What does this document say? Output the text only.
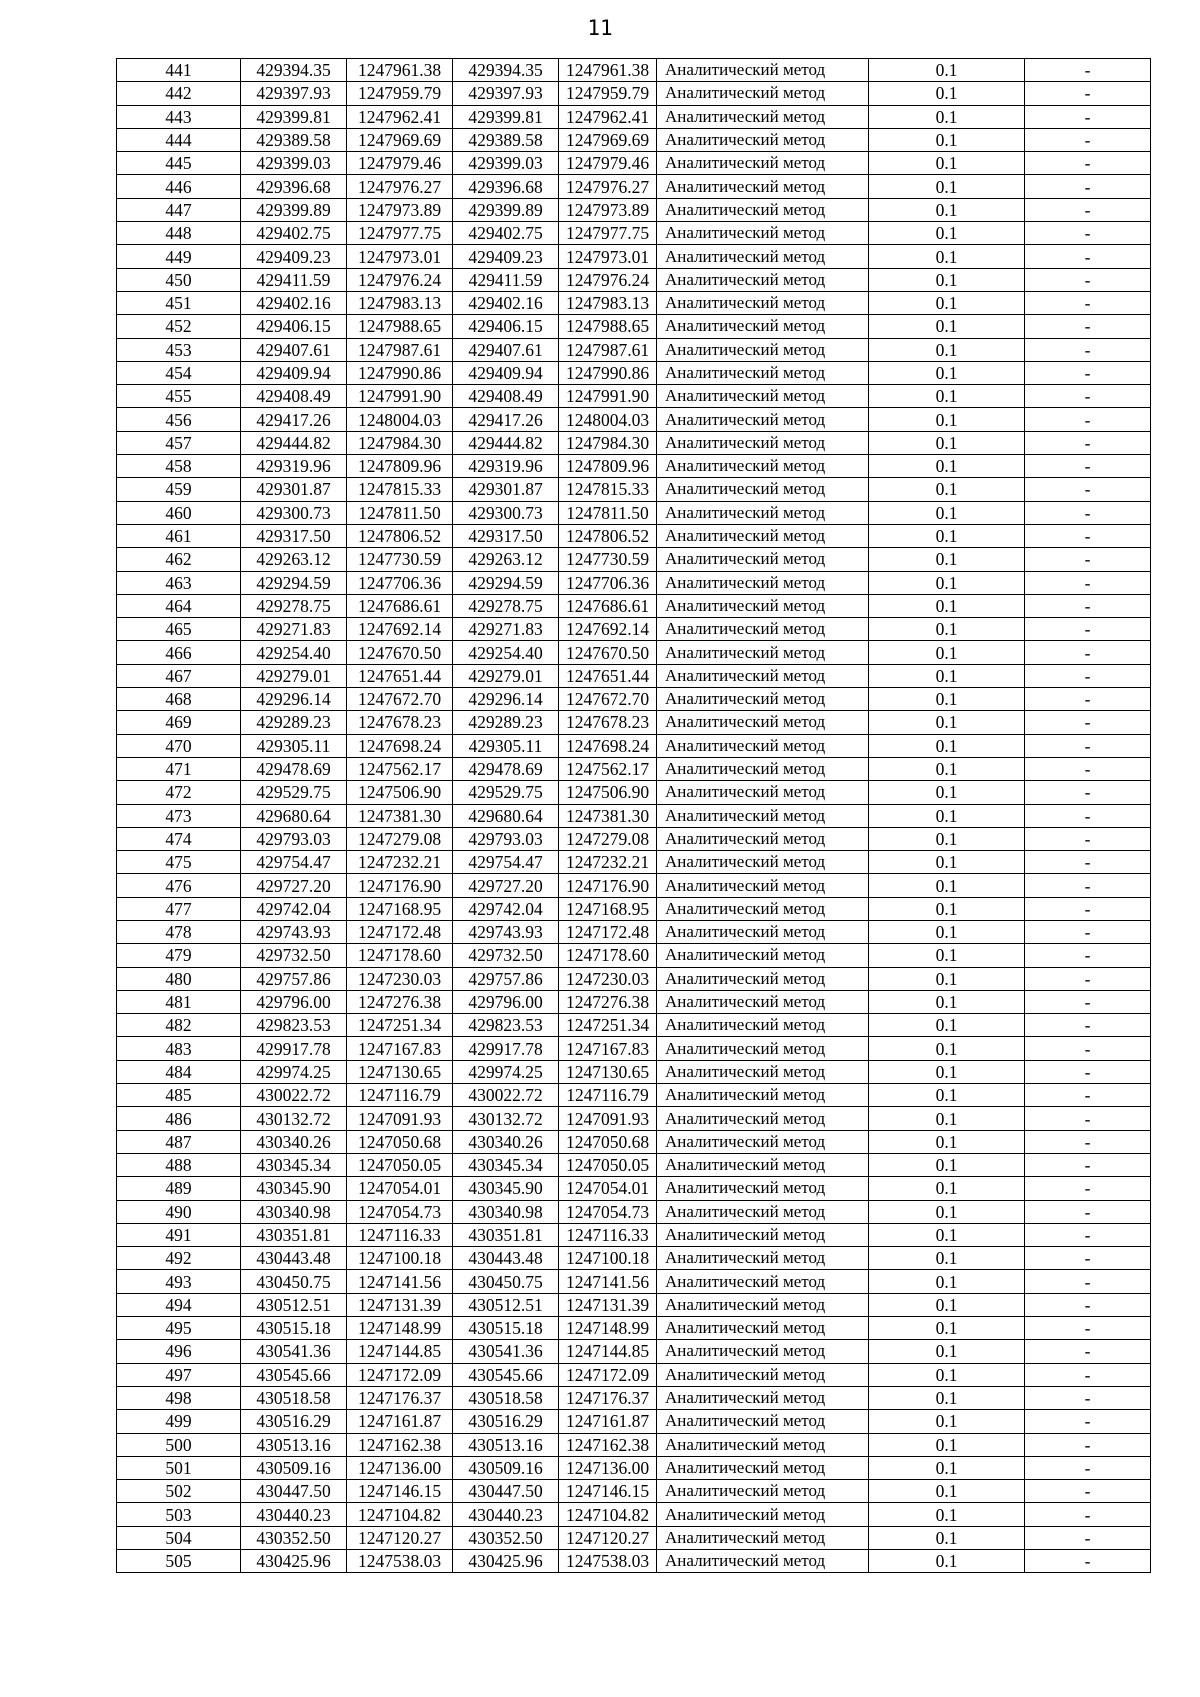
11
441	429394.35	1247961.38	429394.35	1247961.38	Аналитический метод	0.1	-
442	429397.93	1247959.79	429397.93	1247959.79	Аналитический метод	0.1	-
443	429399.81	1247962.41	429399.81	1247962.41	Аналитический метод	0.1	-
444	429389.58	1247969.69	429389.58	1247969.69	Аналитический метод	0.1	-
445	429399.03	1247979.46	429399.03	1247979.46	Аналитический метод	0.1	-
446	429396.68	1247976.27	429396.68	1247976.27	Аналитический метод	0.1	-
447	429399.89	1247973.89	429399.89	1247973.89	Аналитический метод	0.1	-
448	429402.75	1247977.75	429402.75	1247977.75	Аналитический метод	0.1	-
449	429409.23	1247973.01	429409.23	1247973.01	Аналитический метод	0.1	-
450	429411.59	1247976.24	429411.59	1247976.24	Аналитический метод	0.1	-
451	429402.16	1247983.13	429402.16	1247983.13	Аналитический метод	0.1	-
452	429406.15	1247988.65	429406.15	1247988.65	Аналитический метод	0.1	-
453	429407.61	1247987.61	429407.61	1247987.61	Аналитический метод	0.1	-
454	429409.94	1247990.86	429409.94	1247990.86	Аналитический метод	0.1	-
455	429408.49	1247991.90	429408.49	1247991.90	Аналитический метод	0.1	-
456	429417.26	1248004.03	429417.26	1248004.03	Аналитический метод	0.1	-
457	429444.82	1247984.30	429444.82	1247984.30	Аналитический метод	0.1	-
458	429319.96	1247809.96	429319.96	1247809.96	Аналитический метод	0.1	-
459	429301.87	1247815.33	429301.87	1247815.33	Аналитический метод	0.1	-
460	429300.73	1247811.50	429300.73	1247811.50	Аналитический метод	0.1	-
461	429317.50	1247806.52	429317.50	1247806.52	Аналитический метод	0.1	-
462	429263.12	1247730.59	429263.12	1247730.59	Аналитический метод	0.1	-
463	429294.59	1247706.36	429294.59	1247706.36	Аналитический метод	0.1	-
464	429278.75	1247686.61	429278.75	1247686.61	Аналитический метод	0.1	-
465	429271.83	1247692.14	429271.83	1247692.14	Аналитический метод	0.1	-
466	429254.40	1247670.50	429254.40	1247670.50	Аналитический метод	0.1	-
467	429279.01	1247651.44	429279.01	1247651.44	Аналитический метод	0.1	-
468	429296.14	1247672.70	429296.14	1247672.70	Аналитический метод	0.1	-
469	429289.23	1247678.23	429289.23	1247678.23	Аналитический метод	0.1	-
470	429305.11	1247698.24	429305.11	1247698.24	Аналитический метод	0.1	-
471	429478.69	1247562.17	429478.69	1247562.17	Аналитический метод	0.1	-
472	429529.75	1247506.90	429529.75	1247506.90	Аналитический метод	0.1	-
473	429680.64	1247381.30	429680.64	1247381.30	Аналитический метод	0.1	-
474	429793.03	1247279.08	429793.03	1247279.08	Аналитический метод	0.1	-
475	429754.47	1247232.21	429754.47	1247232.21	Аналитический метод	0.1	-
476	429727.20	1247176.90	429727.20	1247176.90	Аналитический метод	0.1	-
477	429742.04	1247168.95	429742.04	1247168.95	Аналитический метод	0.1	-
478	429743.93	1247172.48	429743.93	1247172.48	Аналитический метод	0.1	-
479	429732.50	1247178.60	429732.50	1247178.60	Аналитический метод	0.1	-
480	429757.86	1247230.03	429757.86	1247230.03	Аналитический метод	0.1	-
481	429796.00	1247276.38	429796.00	1247276.38	Аналитический метод	0.1	-
482	429823.53	1247251.34	429823.53	1247251.34	Аналитический метод	0.1	-
483	429917.78	1247167.83	429917.78	1247167.83	Аналитический метод	0.1	-
484	429974.25	1247130.65	429974.25	1247130.65	Аналитический метод	0.1	-
485	430022.72	1247116.79	430022.72	1247116.79	Аналитический метод	0.1	-
486	430132.72	1247091.93	430132.72	1247091.93	Аналитический метод	0.1	-
487	430340.26	1247050.68	430340.26	1247050.68	Аналитический метод	0.1	-
488	430345.34	1247050.05	430345.34	1247050.05	Аналитический метод	0.1	-
489	430345.90	1247054.01	430345.90	1247054.01	Аналитический метод	0.1	-
490	430340.98	1247054.73	430340.98	1247054.73	Аналитический метод	0.1	-
491	430351.81	1247116.33	430351.81	1247116.33	Аналитический метод	0.1	-
492	430443.48	1247100.18	430443.48	1247100.18	Аналитический метод	0.1	-
493	430450.75	1247141.56	430450.75	1247141.56	Аналитический метод	0.1	-
494	430512.51	1247131.39	430512.51	1247131.39	Аналитический метод	0.1	-
495	430515.18	1247148.99	430515.18	1247148.99	Аналитический метод	0.1	-
496	430541.36	1247144.85	430541.36	1247144.85	Аналитический метод	0.1	-
497	430545.66	1247172.09	430545.66	1247172.09	Аналитический метод	0.1	-
498	430518.58	1247176.37	430518.58	1247176.37	Аналитический метод	0.1	-
499	430516.29	1247161.87	430516.29	1247161.87	Аналитический метод	0.1	-
500	430513.16	1247162.38	430513.16	1247162.38	Аналитический метод	0.1	-
501	430509.16	1247136.00	430509.16	1247136.00	Аналитический метод	0.1	-
502	430447.50	1247146.15	430447.50	1247146.15	Аналитический метод	0.1	-
503	430440.23	1247104.82	430440.23	1247104.82	Аналитический метод	0.1	-
504	430352.50	1247120.27	430352.50	1247120.27	Аналитический метод	0.1	-
505	430425.96	1247538.03	430425.96	1247538.03	Аналитический метод	0.1	-
